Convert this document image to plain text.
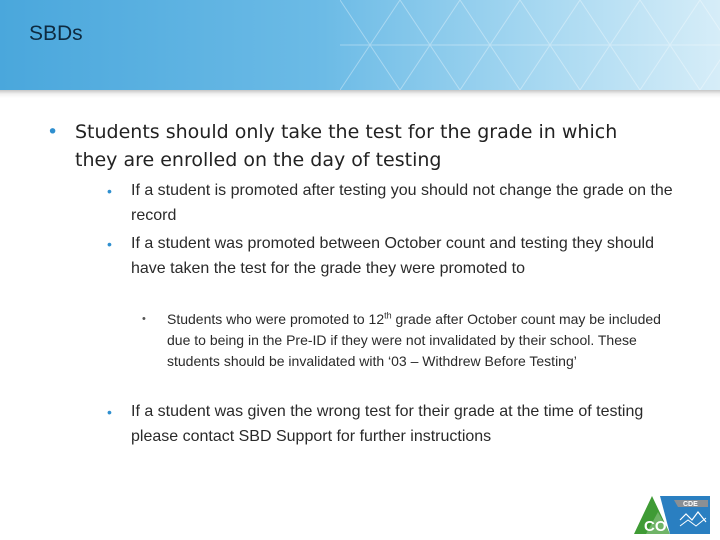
SBDs
• Students should only take the test for the grade in which they are enrolled on the day of testing
• If a student is promoted after testing you should not change the grade on the record
• If a student was promoted between October count and testing they should have taken the test for the grade they were promoted to
• Students who were promoted to 12th grade after October count may be included due to being in the Pre-ID if they were not invalidated by their school. These students should be invalidated with ‘03 – Withdrew Before Testing’
• If a student was given the wrong test for their grade at the time of testing please contact SBD Support for further instructions
CDE
CO
